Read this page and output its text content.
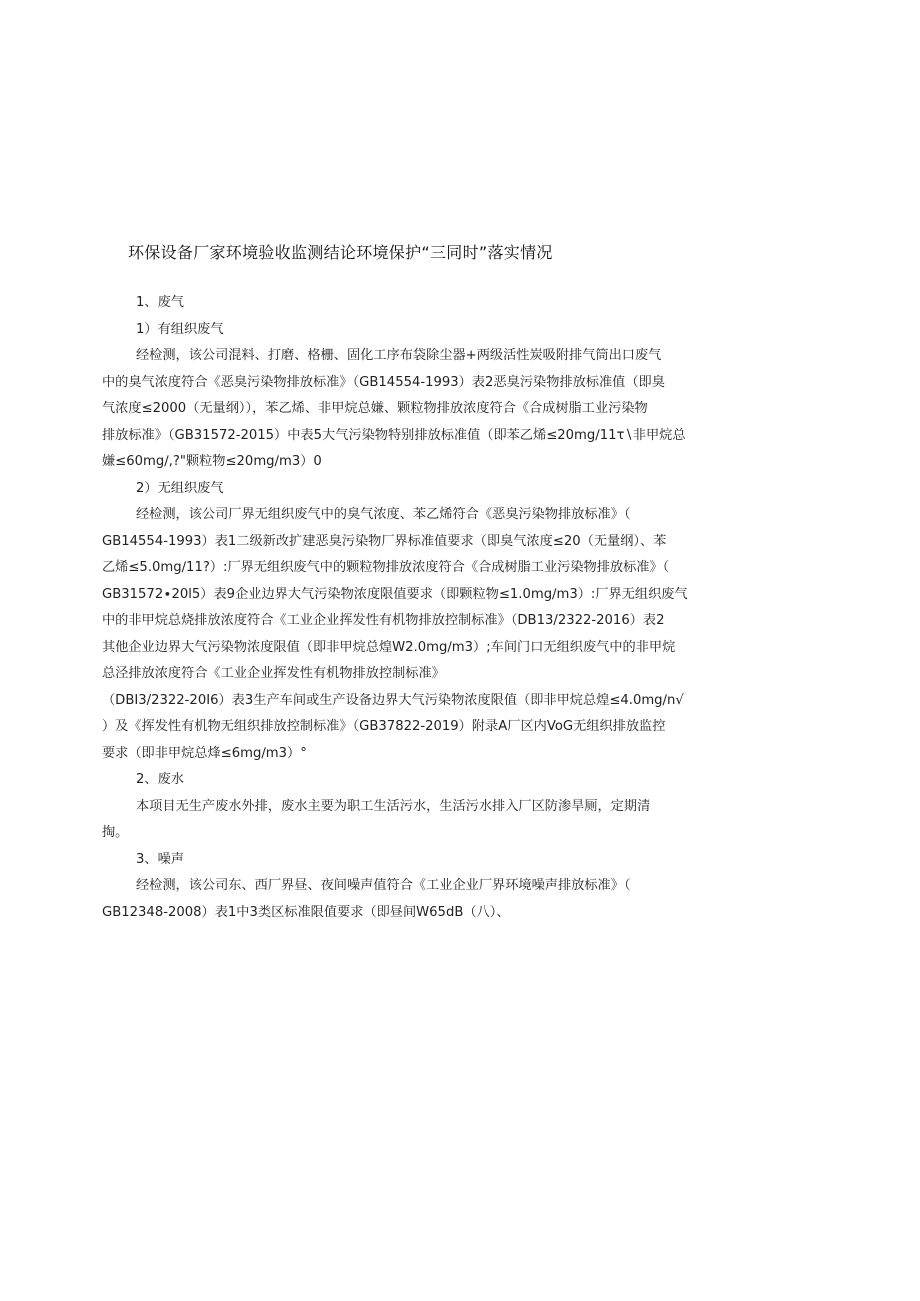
环保设备厂家环境验收监测结论环境保护“三同时”落实情况
1、废气
1）有组织废气
经检测，该公司混料、打磨、格栅、固化工序布袋除尘器+两级活性炭吸附排气筒出口废气
中的臭气浓度符合《恶臭污染物排放标准》（GB14554-1993）表2恶臭污染物排放标准值（即臭
气浓度≤2000（无量纲）），苯乙烯、非甲烷总嫌、颗粒物排放浓度符合《合成树脂工业污染物
排放标准》（GB31572-2015）中表5大气污染物特别排放标准值（即苯乙烯≤20mg∕11τ∖非甲烷总
嫌≤60mg∕,?"颗粒物≤20mg∕m3）0
2）无组织废气
经检测，该公司厂界无组织废气中的臭气浓度、苯乙烯符合《恶臭污染物排放标准》（
GB14554-1993）表1二级新改扩建恶臭污染物厂界标准值要求（即臭气浓度≤20（无量纲）、苯
乙烯≤5.0mg∕11?）:厂界无组织废气中的颗粒物排放浓度符合《合成树脂工业污染物排放标准》（
GB31572∙20l5）表9企业边界大气污染物浓度限值要求（即颗粒物≤1.0mg∕m3）:厂界无组织废气
中的非甲烷总烧排放浓度符合《工业企业挥发性有机物排放控制标准》（DB13/2322-2016）表2
其他企业边界大气污染物浓度限值（即非甲烷总煌W2.0mg∕m3）;车间门口无组织废气中的非甲烷
总泾排放浓度符合《工业企业挥发性有机物排放控制标准》
（DBI3/2322-20I6）表3生产车间或生产设备边界大气污染物浓度限值（即非甲烷总煌≤4.0mg∕n√
）及《挥发性有机物无组织排放控制标准》（GB37822-2019）附录A厂区内VoG无组织排放监控
要求（即非甲烷总烽≤6mg∕m3）°
2、废水
本项目无生产废水外排，废水主要为职工生活污水，生活污水排入厂区防渗旱厕，定期清
掏。
3、噪声
经检测，该公司东、西厂界昼、夜间噪声值符合《工业企业厂界环境噪声排放标准》（
GB12348-2008）表1中3类区标准限值要求（即昼间W65dB（八）、
